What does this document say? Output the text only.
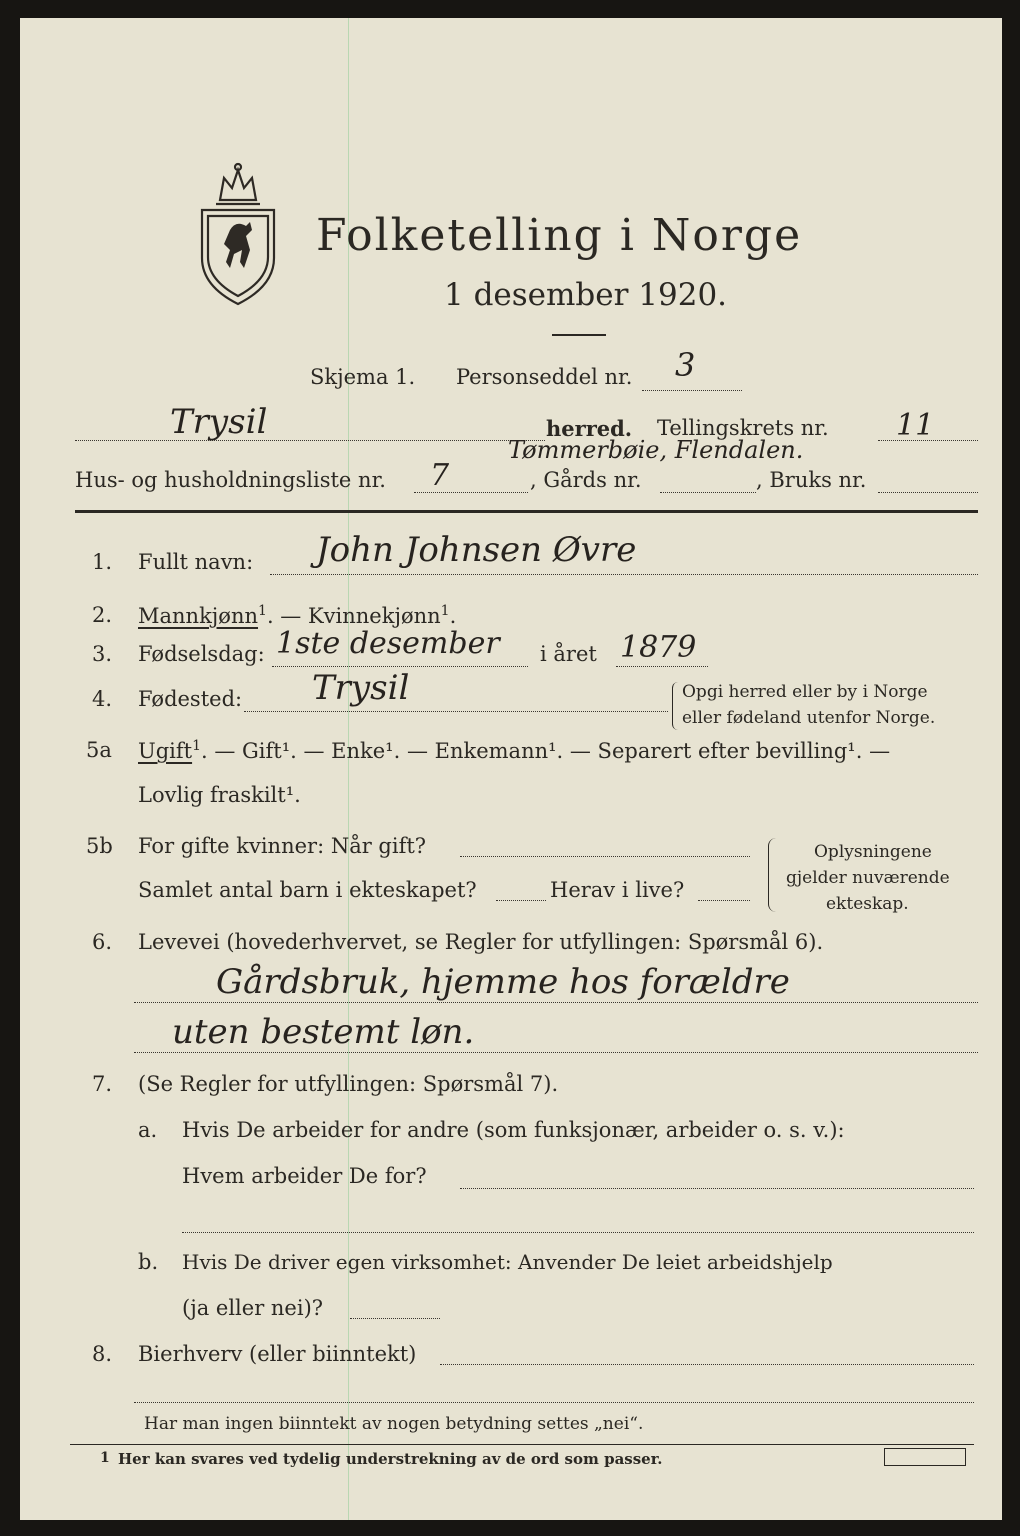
Folketelling i Norge
1 desember 1920.
Skjema 1. Personseddel nr. 3
Trysil	herred. Tellingskrets nr. 11
Hus- og husholdningsliste nr. 7	, Gårds nr.
Tømmerbøie, Flendalen.
, Bruks nr.
1. Fullt navn: John Johnsen Øvre
2. Mannkjønn$^1$. — Kvinnekjønn$^1$.
3. Fødselsdag: 1ste desember i året 1879
4. Fødested: Trysil	Opgi herred eller by i Norge
eller fødeland utenfor Norge.
5a Ugift$^1$. — Gift¹. — Enke¹. — Enkemann¹. — Separert efter bevilling¹. —
Lovlig fraskilt¹.
5b For gifte kvinner: Når gift?
Samlet antal barn i ekteskapet?	Herav i live?
Oplysningene
gjelder nuværende
ekteskap.
6. Levevei (hovederhvervet, se Regler for utfyllingen: Spørsmål 6).
Gårdsbruk, hjemme hos forældre
uten bestemt løn.
7. (Se Regler for utfyllingen: Spørsmål 7).
a. Hvis De arbeider for andre (som funksjonær, arbeider o. s. v.):
Hvem arbeider De for?
b. Hvis De driver egen virksomhet: Anvender De leiet arbeidshjelp
(ja eller nei)?
8. Bierhverv (eller biinntekt)
Har man ingen biinntekt av nogen betydning settes „nei“.
1 Her kan svares ved tydelig understrekning av de ord som passer.
